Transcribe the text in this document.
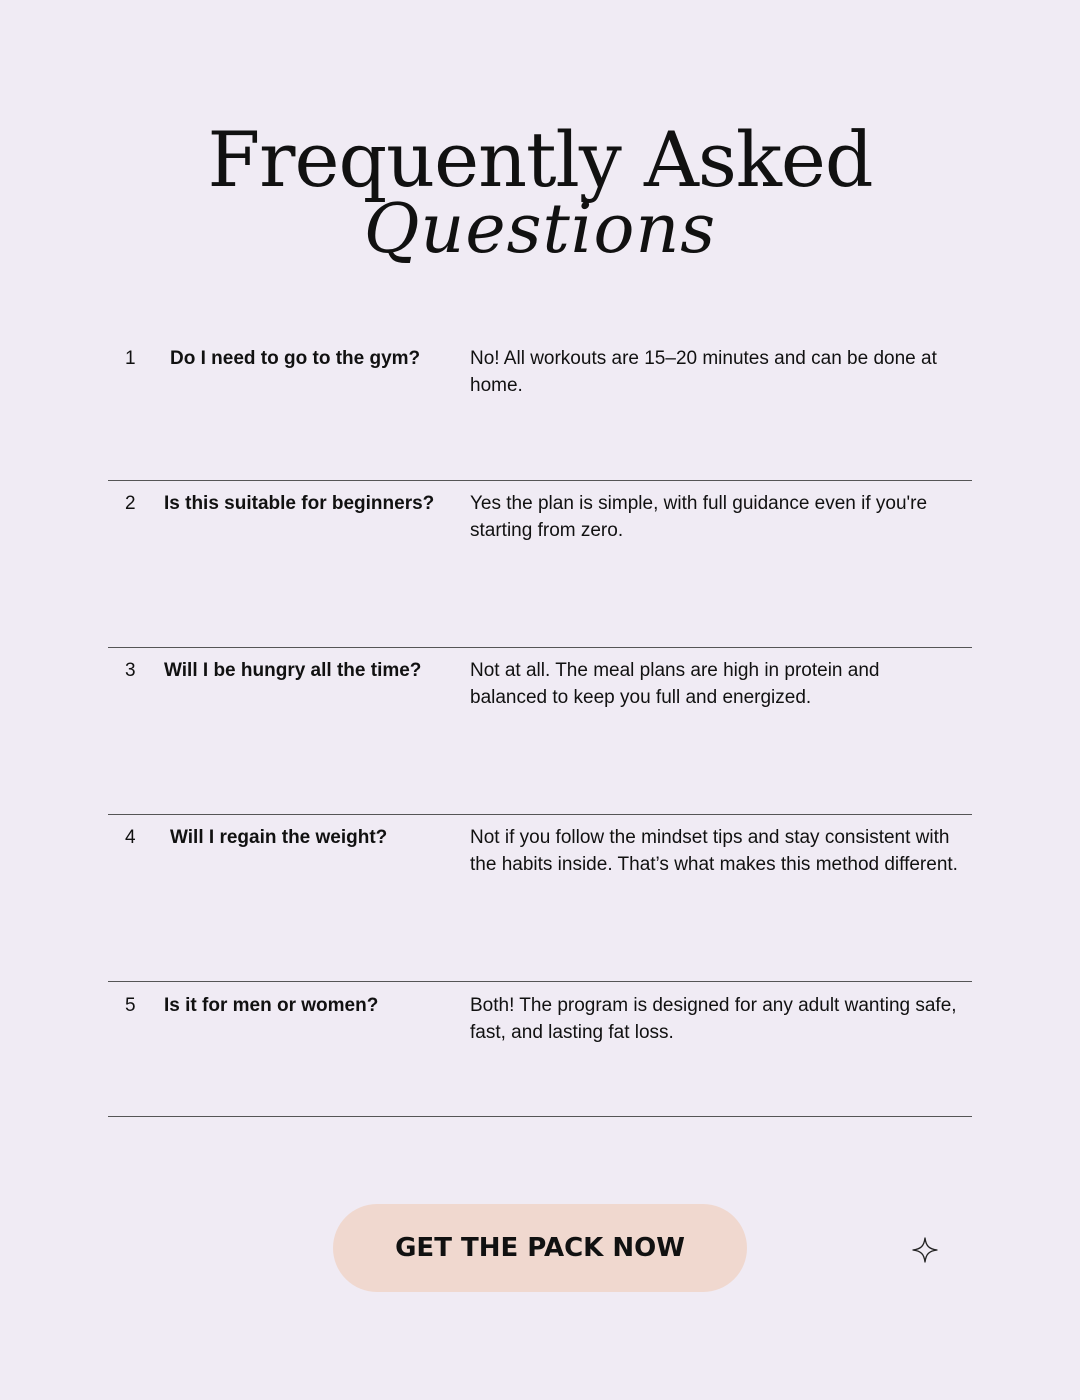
Frequently Asked
Questions
1 Do I need to go to the gym?	No! All workouts are 15–20 minutes and can be done at home.
2 Is this suitable for beginners?	Yes the plan is simple, with full guidance even if you're starting from zero.
3 Will I be hungry all the time?	Not at all. The meal plans are high in protein and balanced to keep you full and energized.
4 Will I regain the weight?	Not if you follow the mindset tips and stay consistent with the habits inside. That’s what makes this method different.
5 Is it for men or women?	Both! The program is designed for any adult wanting safe, fast, and lasting fat loss.
GET THE PACK NOW
